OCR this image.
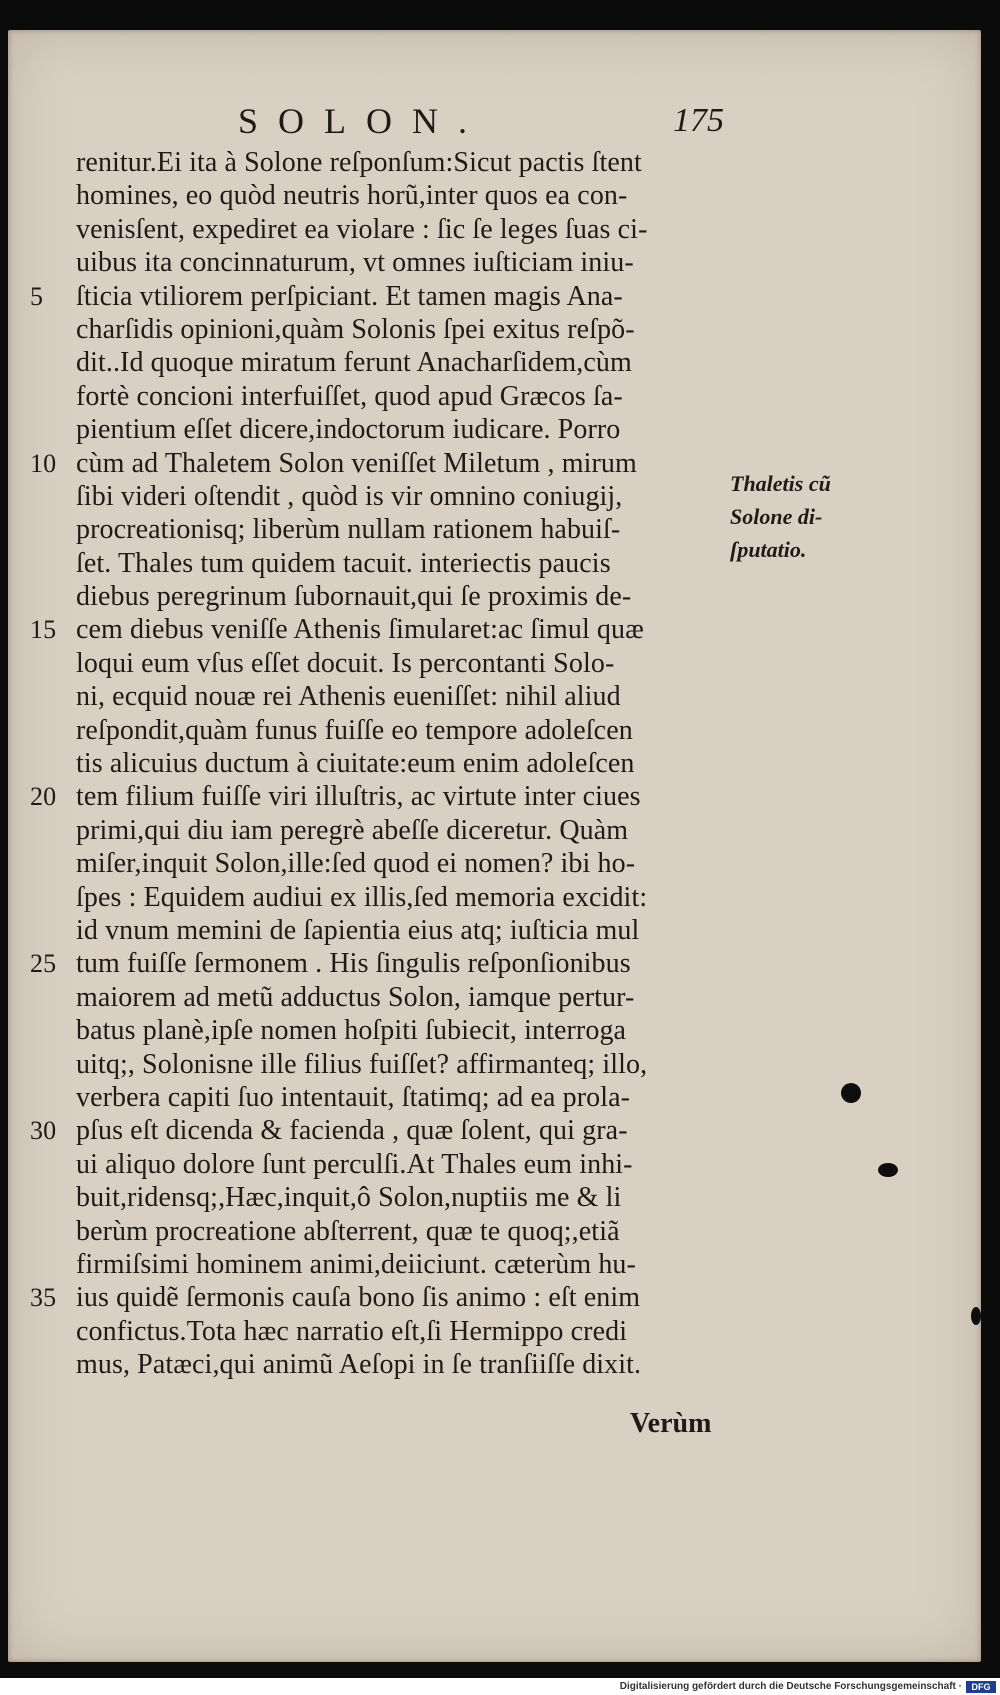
SOLON.	175
renitur.Ei ita à Solone reſponſum:Sicut pactis ſtent
homines, eo quòd neutris horũ,inter quos ea con-
venisſent, expediret ea violare : ſic ſe leges ſuas ci-
uibus ita concinnaturum, vt omnes iuſticiam iniu-
5	ſticia vtiliorem perſpiciant. Et tamen magis Ana-
charſidis opinioni,quàm Solonis ſpei exitus reſpõ-
dit..Id quoque miratum ferunt Anacharſidem,cùm
fortè concioni interfuiſſet, quod apud Græcos ſa-
pientium eſſet dicere,indoctorum iudicare. Porro
10 cùm ad Thaletem Solon veniſſet Miletum , mirum
ſibi videri oſtendit , quòd is vir omnino coniugij,
procreationisq; liberùm nullam rationem habuiſ-
ſet. Thales tum quidem tacuit. interiectis paucis
diebus peregrinum ſubornauit,qui ſe proximis de-
15 cem diebus veniſſe Athenis ſimularet:ac ſimul quæ
loqui eum vſus eſſet docuit. Is percontanti Solo-
ni, ecquid nouæ rei Athenis eueniſſet: nihil aliud
reſpondit,quàm funus fuiſſe eo tempore adoleſcen
tis alicuius ductum à ciuitate:eum enim adoleſcen
20 tem filium fuiſſe viri illuſtris, ac virtute inter ciues
primi,qui diu iam peregrè abeſſe diceretur. Quàm
miſer,inquit Solon,ille:ſed quod ei nomen? ibi ho-
ſpes : Equidem audiui ex illis,ſed memoria excidit:
id vnum memini de ſapientia eius atq; iuſticia mul
25 tum fuiſſe ſermonem . His ſingulis reſponſionibus
maiorem ad metũ adductus Solon, iamque pertur-
batus planè,ipſe nomen hoſpiti ſubiecit, interroga
uitq;, Solonisne ille filius fuiſſet? affirmanteq; illo,
verbera capiti ſuo intentauit, ſtatimq; ad ea prola-
30 pſus eſt dicenda & facienda , quæ ſolent, qui gra-
ui aliquo dolore ſunt perculſi.At Thales eum inhi-
buit,ridensq;,Hæc,inquit,ô Solon,nuptiis me & li
berùm procreatione abſterrent, quæ te quoq;,etiã
firmiſsimi hominem animi,deiiciunt. cæterùm hu-
35 ius quidẽ ſermonis cauſa bono ſis animo : eſt enim
confictus.Tota hæc narratio eſt,ſi Hermippo credi
mus, Patæci,qui animũ Aeſopi in ſe tranſiiſſe dixit.
Verùm
Thaletis cũ
Solone di-
ſputatio.
Digitalisierung gefördert durch die Deutsche Forschungsgemeinschaft ·	DFG
